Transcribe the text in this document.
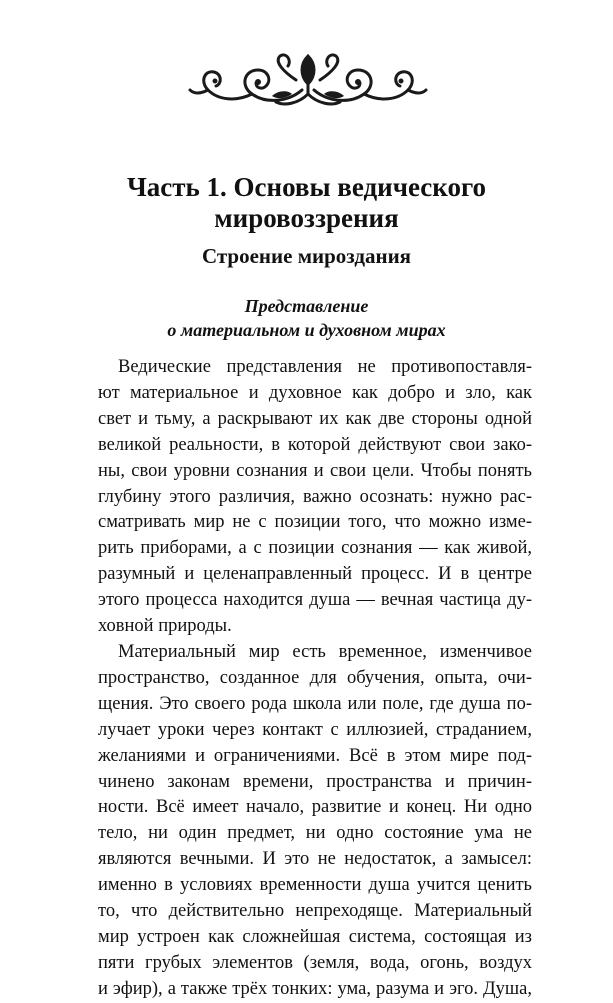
Часть 1. Основы ведического
мировоззрения
Строение мироздания
Представление
о материальном и духовном мирах
Ведические представления не противопоставля-
ют материальное и духовное как добро и зло, как
свет и тьму, а раскрывают их как две стороны одной
великой реальности, в которой действуют свои зако-
ны, свои уровни сознания и свои цели. Чтобы понять
глубину этого различия, важно осознать: нужно рас-
сматривать мир не с позиции того, что можно изме-
рить приборами, а с позиции сознания — как живой,
разумный и целенаправленный процесс. И в центре
этого процесса находится душа — вечная частица ду-
ховной природы.
Материальный мир есть временное, изменчивое
пространство, созданное для обучения, опыта, очи-
щения. Это своего рода школа или поле, где душа по-
лучает уроки через контакт с иллюзией, страданием,
желаниями и ограничениями. Всё в этом мире под-
чинено законам времени, пространства и причин-
ности. Всё имеет начало, развитие и конец. Ни одно
тело, ни один предмет, ни одно состояние ума не
являются вечными. И это не недостаток, а замысел:
именно в условиях временности душа учится ценить
то, что действительно непреходяще. Материальный
мир устроен как сложнейшая система, состоящая из
пяти грубых элементов (земля, вода, огонь, воздух
и эфир), а также трёх тонких: ума, разума и эго. Душа,
